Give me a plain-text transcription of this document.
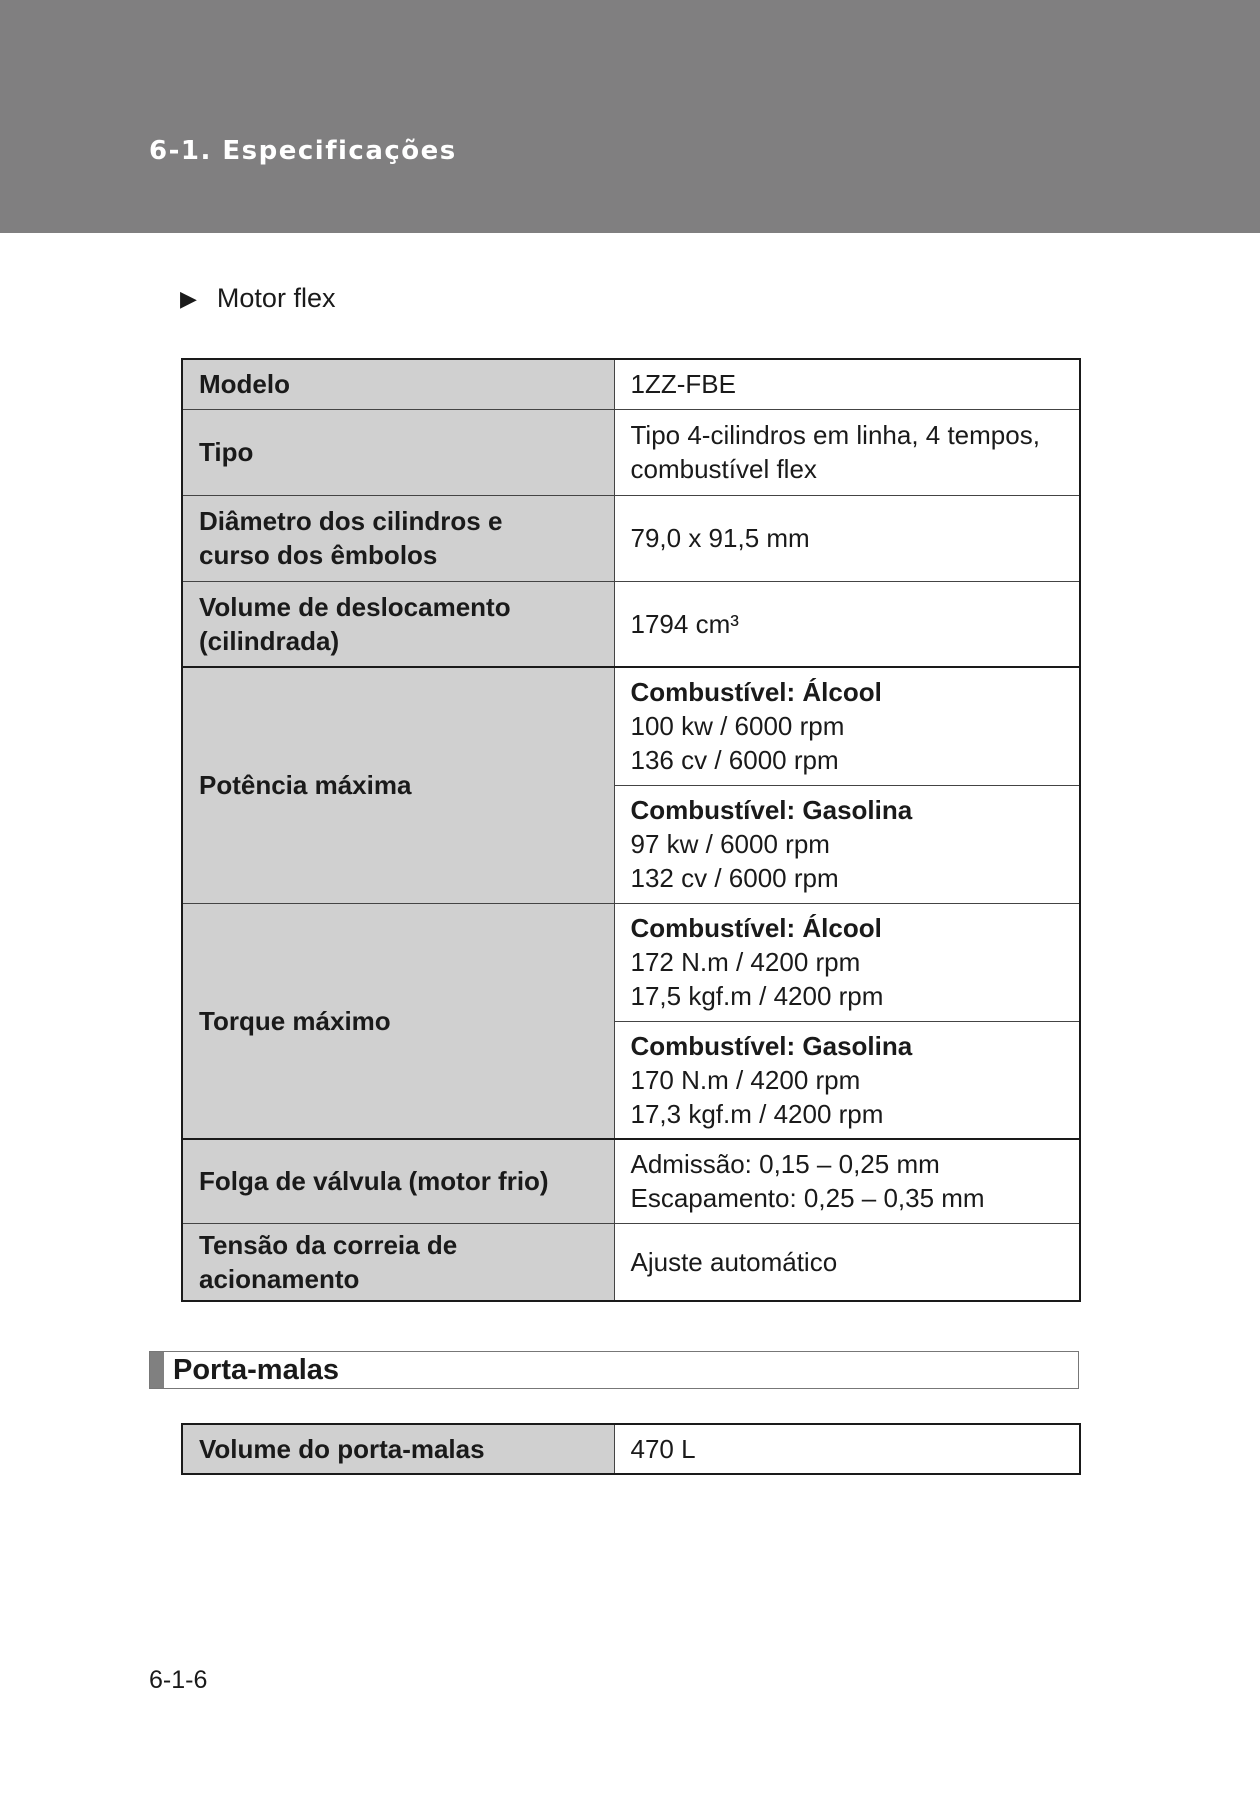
6-1. Especificações
▶ Motor flex
Modelo	1ZZ-FBE
Tipo	Tipo 4-cilindros em linha, 4 tempos,
combustível flex

Diâmetro dos cilindros e
curso dos êmbolos	79,0 x 91,5 mm

Volume de deslocamento
(cilindrada)	1794 cm³
Potência máxima	Combustível: Álcool
100 kw / 6000 rpm
136 cv / 6000 rpm

	Combustível: Gasolina
97 kw / 6000 rpm
132 cv / 6000 rpm

Torque máximo	Combustível: Álcool
172 N.m / 4200 rpm
17,5 kgf.m / 4200 rpm

	Combustível: Gasolina
170 N.m / 4200 rpm
17,3 kgf.m / 4200 rpm

Folga de válvula (motor frio)	Admissão: 0,15 – 0,25 mm
Escapamento: 0,25 – 0,35 mm

Tensão da correia de
acionamento	Ajuste automático
Porta-malas
Volume do porta-malas	470 L
6-1-6
